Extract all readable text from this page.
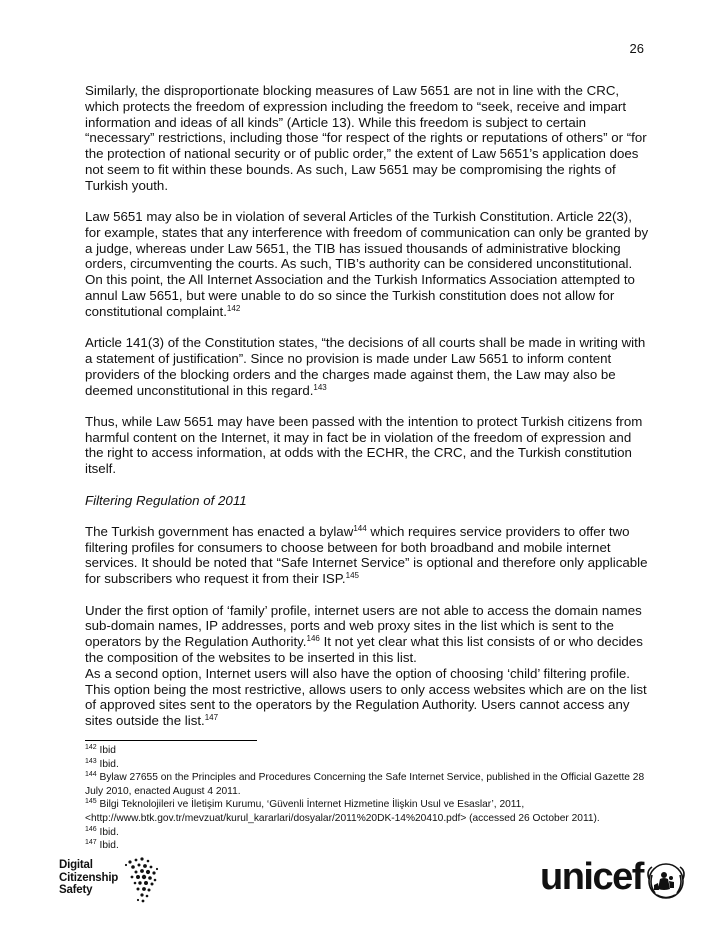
26

Similarly, the disproportionate blocking measures of Law 5651 are not in line with the CRC, which protects the freedom of expression including the freedom to “seek, receive and impart information and ideas of all kinds” (Article 13). While this freedom is subject to certain “necessary” restrictions, including those “for respect of the rights or reputations of others” or “for the protection of national security or of public order,” the extent of Law 5651’s application does not seem to fit within these bounds. As such, Law 5651 may be compromising the rights of Turkish youth.

Law 5651 may also be in violation of several Articles of the Turkish Constitution. Article 22(3), for example, states that any interference with freedom of communication can only be granted by a judge, whereas under Law 5651, the TIB has issued thousands of administrative blocking orders, circumventing the courts. As such, TIB’s authority can be considered unconstitutional. On this point, the All Internet Association and the Turkish Informatics Association attempted to annul Law 5651, but were unable to do so since the Turkish constitution does not allow for constitutional complaint.$^{142}$

Article 141(3) of the Constitution states, “the decisions of all courts shall be made in writing with a statement of justification”. Since no provision is made under Law 5651 to inform content providers of the blocking orders and the charges made against them, the Law may also be deemed unconstitutional in this regard.$^{143}$

Thus, while Law 5651 may have been passed with the intention to protect Turkish citizens from harmful content on the Internet, it may in fact be in violation of the freedom of expression and the right to access information, at odds with the ECHR, the CRC, and the Turkish constitution itself.

Filtering Regulation of 2011

The Turkish government has enacted a bylaw$^{144}$ which requires service providers to offer two filtering profiles for consumers to choose between for both broadband and mobile internet services. It should be noted that “Safe Internet Service” is optional and therefore only applicable for subscribers who request it from their ISP.$^{145}$

Under the first option of ‘family’ profile, internet users are not able to access the domain names sub-domain names, IP addresses, ports and web proxy sites in the list which is sent to the operators by the Regulation Authority.$^{146}$ It not yet clear what this list consists of or who decides the composition of the websites to be inserted in this list.

As a second option, Internet users will also have the option of choosing ‘child’ filtering profile. This option being the most restrictive, allows users to only access websites which are on the list of approved sites sent to the operators by the Regulation Authority. Users cannot access any sites outside the list.$^{147}$

$^{142}$ Ibid
$^{143}$ Ibid.
$^{144}$ Bylaw 27655 on the Principles and Procedures Concerning the Safe Internet Service, published in the Official Gazette 28 July 2010, enacted August 4 2011.
$^{145}$ Bilgi Teknolojileri ve İletişim Kurumu, ‘Güvenli İnternet Hizmetine İlişkin Usul ve Esaslar’, 2011, <http://www.btk.gov.tr/mevzuat/kurul_kararlari/dosyalar/2011%20DK-14%20410.pdf> (accessed 26 October 2011).
$^{146}$ Ibid.
$^{147}$ Ibid.
Digital
Citizenship
Safety	unicef
